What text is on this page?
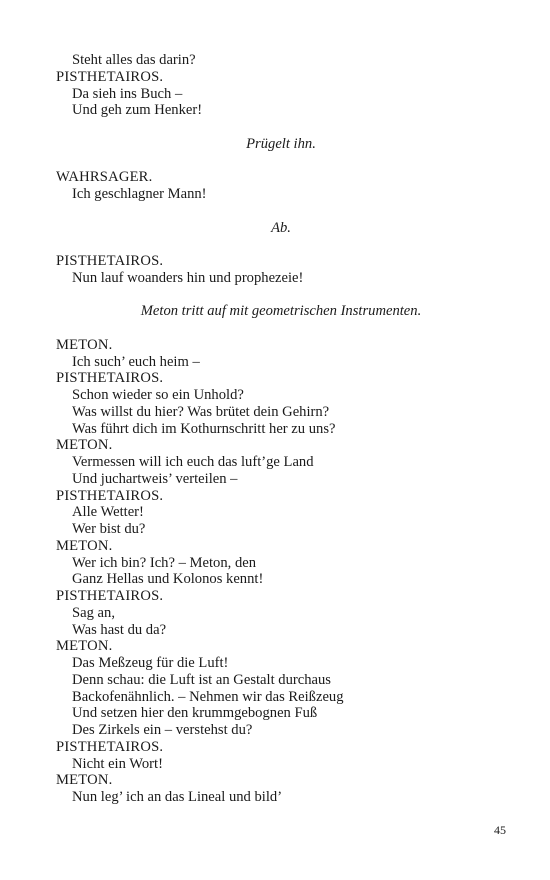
Steht alles das darin?
PISTHETAIROS.
Da sieh ins Buch –
Und geh zum Henker!
Prügelt ihn.
WAHRSAGER.
Ich geschlagner Mann!
Ab.
PISTHETAIROS.
Nun lauf woanders hin und prophezeie!
Meton tritt auf mit geometrischen Instrumenten.
METON.
Ich such’ euch heim –
PISTHETAIROS.
Schon wieder so ein Unhold?
Was willst du hier? Was brütet dein Gehirn?
Was führt dich im Kothurnschritt her zu uns?
METON.
Vermessen will ich euch das luft’ge Land
Und juchartweis’ verteilen –
PISTHETAIROS.
Alle Wetter!
Wer bist du?
METON.
Wer ich bin? Ich? – Meton, den
Ganz Hellas und Kolonos kennt!
PISTHETAIROS.
Sag an,
Was hast du da?
METON.
Das Meßzeug für die Luft!
Denn schau: die Luft ist an Gestalt durchaus
Backofenähnlich. – Nehmen wir das Reißzeug
Und setzen hier den krummgebognen Fuß
Des Zirkels ein – verstehst du?
PISTHETAIROS.
Nicht ein Wort!
METON.
Nun leg’ ich an das Lineal und bild’
45
